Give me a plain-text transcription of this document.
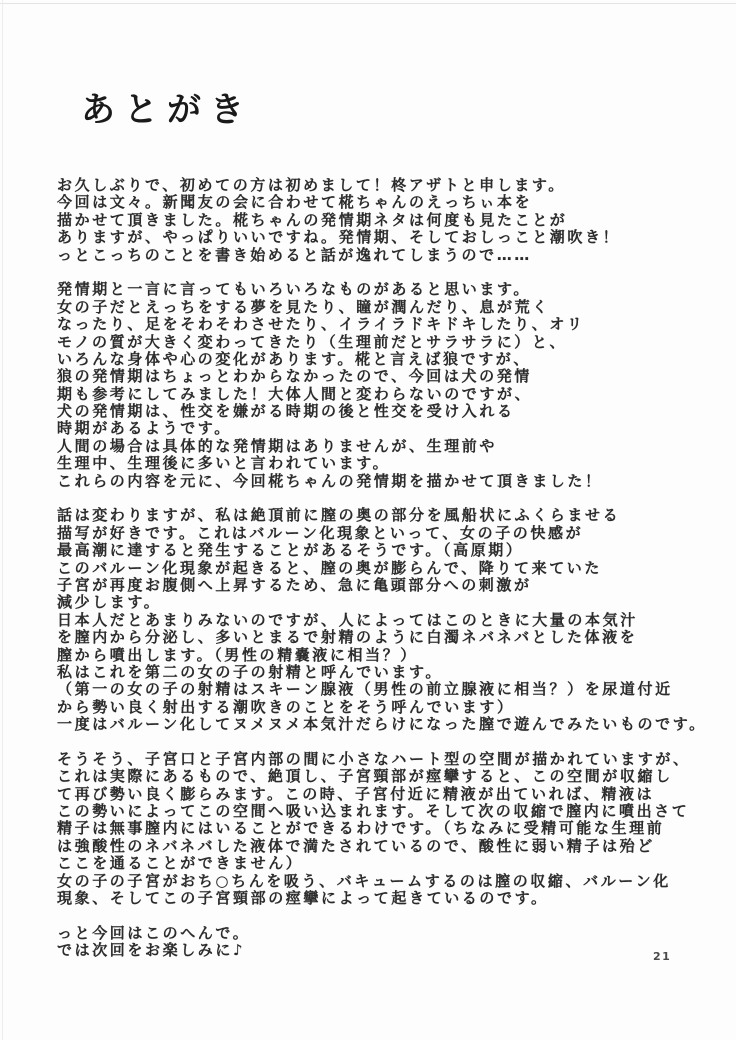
あとがき
お久しぶりで、初めての方は初めまして！柊アザトと申します。
今回は文々。新聞友の会に合わせて椛ちゃんのえっちぃ本を
描かせて頂きました。椛ちゃんの発情期ネタは何度も見たことが
ありますが、やっぱりいいですね。発情期、そしておしっこと潮吹き！
っとこっちのことを書き始めると話が逸れてしまうので……
発情期と一言に言ってもいろいろなものがあると思います。
女の子だとえっちをする夢を見たり、瞳が潤んだり、息が荒く
なったり、足をそわそわさせたり、イライラドキドキしたり、オリ
モノの質が大きく変わってきたり（生理前だとサラサラに）と、
いろんな身体や心の変化があります。椛と言えば狼ですが、
狼の発情期はちょっとわからなかったので、今回は犬の発情
期も参考にしてみました！大体人間と変わらないのですが、
犬の発情期は、性交を嫌がる時期の後と性交を受け入れる
時期があるようです。
人間の場合は具体的な発情期はありませんが、生理前や
生理中、生理後に多いと言われています。
これらの内容を元に、今回椛ちゃんの発情期を描かせて頂きました！
話は変わりますが、私は絶頂前に膣の奥の部分を風船状にふくらませる
描写が好きです。これはバルーン化現象といって、女の子の快感が
最高潮に達すると発生することがあるそうです。（高原期）
このバルーン化現象が起きると、膣の奥が膨らんで、降りて来ていた
子宮が再度お腹側へ上昇するため、急に亀頭部分への刺激が
減少します。
日本人だとあまりみないのですが、人によってはこのときに大量の本気汁
を膣内から分泌し、多いとまるで射精のように白濁ネバネバとした体液を
膣から噴出します。（男性の精嚢液に相当？）
私はこれを第二の女の子の射精と呼んでいます。
（第一の女の子の射精はスキーン腺液（男性の前立腺液に相当？）を尿道付近
から勢い良く射出する潮吹きのことをそう呼んでいます）
一度はバルーン化してヌメヌメ本気汁だらけになった膣で遊んでみたいものです。
そうそう、子宮口と子宮内部の間に小さなハート型の空間が描かれていますが、
これは実際にあるもので、絶頂し、子宮頸部が痙攣すると、この空間が収縮し
て再び勢い良く膨らみます。この時、子宮付近に精液が出ていれば、精液は
この勢いによってこの空間へ吸い込まれます。そして次の収縮で膣内に噴出さて
精子は無事膣内にはいることができるわけです。（ちなみに受精可能な生理前
は強酸性のネバネバした液体で満たされているので、酸性に弱い精子は殆ど
ここを通ることができません）
女の子の子宮がおち○ちんを吸う、バキュームするのは膣の収縮、バルーン化
現象、そしてこの子宮頸部の痙攣によって起きているのです。
っと今回はこのへんで。
では次回をお楽しみに♪	21
